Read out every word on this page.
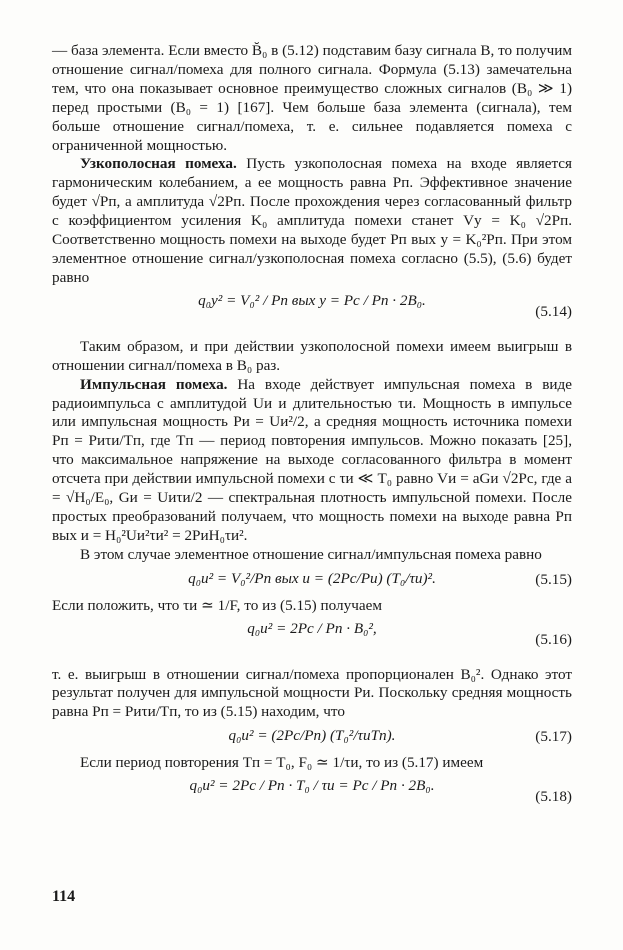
— база элемента. Если вместо B̆₀ в (5.12) подставим базу сигнала B, то получим отношение сигнал/помеха для полного сигнала. Формула (5.13) замечательна тем, что она показывает основное преимущество сложных сигналов (B₀ ≫ 1) перед простыми (B₀ = 1) [167]. Чем больше база элемента (сигнала), тем больше отношение сигнал/помеха, т. е. сильнее подавляется помеха с ограниченной мощностью.

Узкополосная помеха. Пусть узкополосная помеха на входе является гармоническим колебанием, а ее мощность равна Pп. Эффективное значение будет √Pп, а амплитуда √2Pп. После прохождения через согласованный фильтр с коэффициентом усиления K₀ амплитуда помехи станет Vу = K₀ √2Pп. Соответственно мощность помехи на выходе будет Pп вых у = K₀²Pп. При этом элементное отношение сигнал/узкополосная помеха согласно (5.5), (5.6) будет равно

q₀у² = V₀² / Pп вых у = Pс / Pп · 2B₀.
(5.14)

Таким образом, и при действии узкополосной помехи имеем выигрыш в отношении сигнал/помеха в B₀ раз.

Импульсная помеха. На входе действует импульсная помеха в виде радиоимпульса с амплитудой Uи и длительностью τи. Мощность в импульсе или импульсная мощность Pи = Uи²/2, а средняя мощность источника помехи Pп = Pиτи/Tп, где Tп — период повторения импульсов. Можно показать [25], что максимальное напряжение на выходе согласованного фильтра в момент отсчета при действии импульсной помехи с τи ≪ T₀ равно Vи = aGи √2Pс, где a = √H₀/E₀, Gи = Uиτи/2 — спектральная плотность импульсной помехи. После простых преобразований получаем, что мощность помехи на выходе равна Pп вых и = H₀²Uи²τи² = 2PиH₀τи².

В этом случае элементное отношение сигнал/импульсная помеха равно

q₀и² = V₀²/Pп вых и = (2Pс/Pи) (T₀/τи)².	(5.15)

Если положить, что τи ≃ 1/F, то из (5.15) получаем

q₀и² = 2Pс / Pп · B₀²,
(5.16)

т. е. выигрыш в отношении сигнал/помеха пропорционален B₀². Однако этот результат получен для импульсной мощности Pи. Поскольку средняя мощность равна Pп = Pиτи/Tп, то из (5.15) находим, что

q₀и² = (2Pс/Pп) (T₀²/τиTп).	(5.17)

Если период повторения Tп = T₀, F₀ ≃ 1/τи, то из (5.17) имеем

q₀и² = 2Pс / Pп · T₀ / τи = Pс / Pп · 2B₀.
(5.18)
114
